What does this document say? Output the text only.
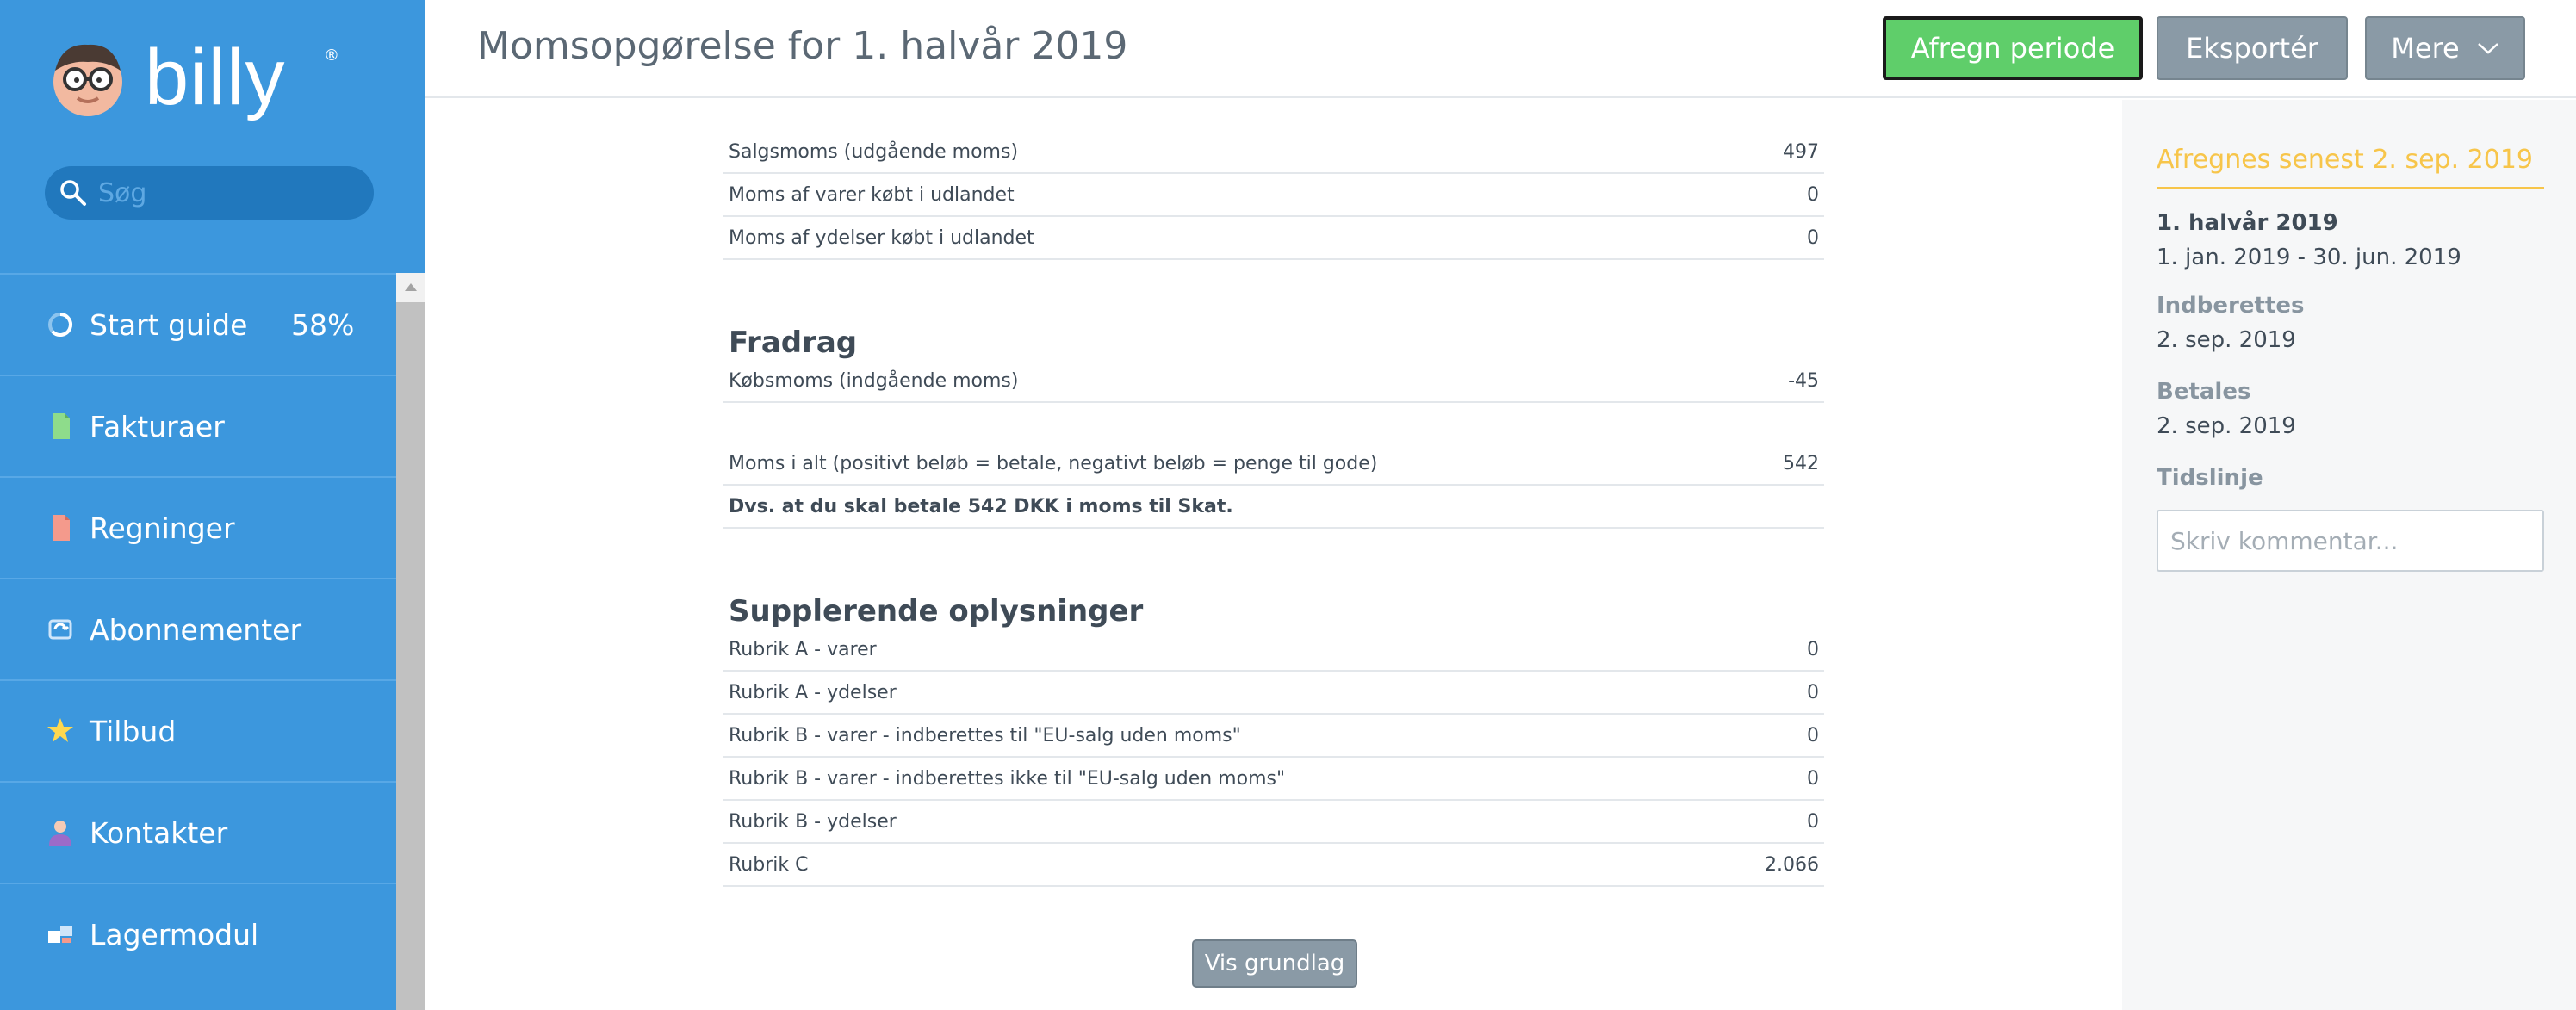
billy ®
Søg
Start guide 58%
Fakturaer
Regninger
Abonnementer
Tilbud
Kontakter
Lagermodul
Momsopgørelse for 1. halvår 2019	Afregn periode	Eksportér	Mere
Salgsmoms (udgående moms)	497
Moms af varer købt i udlandet	0
Moms af ydelser købt i udlandet	0
Fradrag
Købsmoms (indgående moms)	-45
Moms i alt (positivt beløb = betale, negativt beløb = penge til gode)	542
Dvs. at du skal betale 542 DKK i moms til Skat.
Supplerende oplysninger
Rubrik A - varer	0
Rubrik A - ydelser	0
Rubrik B - varer - indberettes til "EU-salg uden moms"	0
Rubrik B - varer - indberettes ikke til "EU-salg uden moms"	0
Rubrik B - ydelser	0
Rubrik C	2.066
Vis grundlag
Afregnes senest 2. sep. 2019
1. halvår 2019
1. jan. 2019 - 30. jun. 2019
Indberettes
2. sep. 2019
Betales
2. sep. 2019
Tidslinje
Skriv kommentar...
